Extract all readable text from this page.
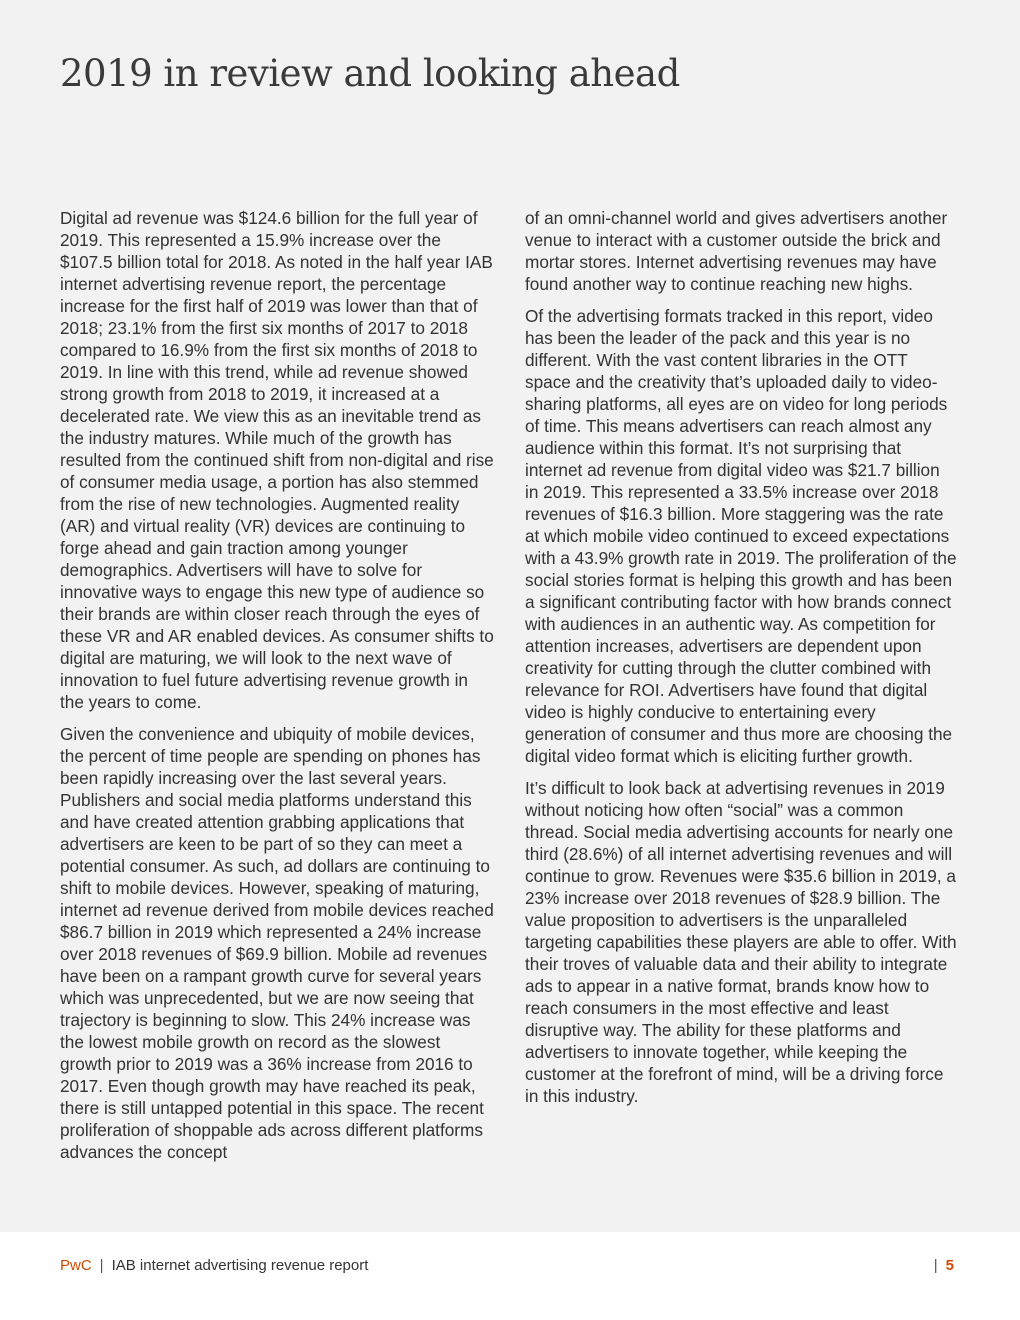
2019 in review and looking ahead

Digital ad revenue was $124.6 billion for the full year of 2019. This represented a 15.9% increase over the $107.5 billion total for 2018. As noted in the half year IAB internet advertising revenue report, the percentage increase for the first half of 2019 was lower than that of 2018; 23.1% from the first six months of 2017 to 2018 compared to 16.9% from the first six months of 2018 to 2019. In line with this trend, while ad revenue showed strong growth from 2018 to 2019, it increased at a decelerated rate. We view this as an inevitable trend as the industry matures. While much of the growth has resulted from the continued shift from non-digital and rise of consumer media usage, a portion has also stemmed from the rise of new technologies. Augmented reality (AR) and virtual reality (VR) devices are continuing to forge ahead and gain traction among younger demographics. Advertisers will have to solve for innovative ways to engage this new type of audience so their brands are within closer reach through the eyes of these VR and AR enabled devices. As consumer shifts to digital are maturing, we will look to the next wave of innovation to fuel future advertising revenue growth in the years to come.

Given the convenience and ubiquity of mobile devices, the percent of time people are spending on phones has been rapidly increasing over the last several years. Publishers and social media platforms understand this and have created attention grabbing applications that advertisers are keen to be part of so they can meet a potential consumer. As such, ad dollars are continuing to shift to mobile devices. However, speaking of maturing, internet ad revenue derived from mobile devices reached $86.7 billion in 2019 which represented a 24% increase over 2018 revenues of $69.9 billion. Mobile ad revenues have been on a rampant growth curve for several years which was unprecedented, but we are now seeing that trajectory is beginning to slow. This 24% increase was the lowest mobile growth on record as the slowest growth prior to 2019 was a 36% increase from 2016 to 2017. Even though growth may have reached its peak, there is still untapped potential in this space. The recent proliferation of shoppable ads across different platforms advances the concept

of an omni-channel world and gives advertisers another venue to interact with a customer outside the brick and mortar stores. Internet advertising revenues may have found another way to continue reaching new highs.

Of the advertising formats tracked in this report, video has been the leader of the pack and this year is no different. With the vast content libraries in the OTT space and the creativity that’s uploaded daily to video-sharing platforms, all eyes are on video for long periods of time. This means advertisers can reach almost any audience within this format. It’s not surprising that internet ad revenue from digital video was $21.7 billion in 2019. This represented a 33.5% increase over 2018 revenues of $16.3 billion. More staggering was the rate at which mobile video continued to exceed expectations with a 43.9% growth rate in 2019. The proliferation of the social stories format is helping this growth and has been a significant contributing factor with how brands connect with audiences in an authentic way. As competition for attention increases, advertisers are dependent upon creativity for cutting through the clutter combined with relevance for ROI. Advertisers have found that digital video is highly conducive to entertaining every generation of consumer and thus more are choosing the digital video format which is eliciting further growth.

It’s difficult to look back at advertising revenues in 2019 without noticing how often “social” was a common thread. Social media advertising accounts for nearly one third (28.6%) of all internet advertising revenues and will continue to grow. Revenues were $35.6 billion in 2019, a 23% increase over 2018 revenues of $28.9 billion. The value proposition to advertisers is the unparalleled targeting capabilities these players are able to offer. With their troves of valuable data and their ability to integrate ads to appear in a native format, brands know how to reach consumers in the most effective and least disruptive way. The ability for these platforms and advertisers to innovate together, while keeping the customer at the forefront of mind, will be a driving force in this industry.

PwC | IAB internet advertising revenue report	| 5
